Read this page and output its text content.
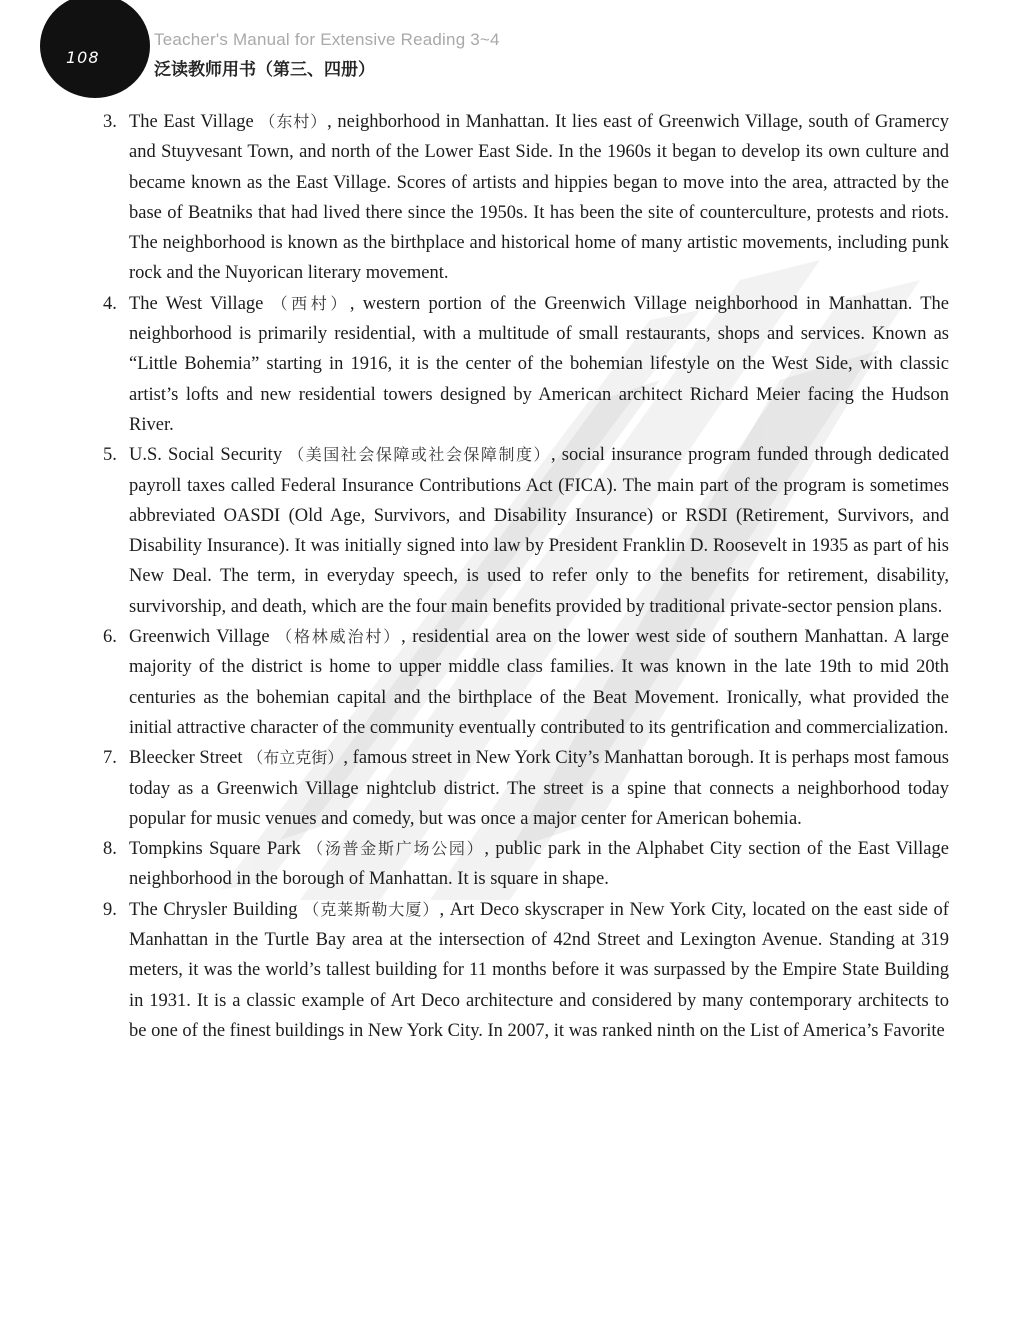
108
Teacher's Manual for Extensive Reading 3~4
泛读教师用书（第三、四册）
3. The East Village （东村）, neighborhood in Manhattan. It lies east of Greenwich Village, south of Gramercy and Stuyvesant Town, and north of the Lower East Side. In the 1960s it began to develop its own culture and became known as the East Village. Scores of artists and hippies began to move into the area, attracted by the base of Beatniks that had lived there since the 1950s. It has been the site of counterculture, protests and riots. The neighborhood is known as the birthplace and historical home of many artistic movements, including punk rock and the Nuyorican literary movement.
4. The West Village （西村）, western portion of the Greenwich Village neighborhood in Manhattan. The neighborhood is primarily residential, with a multitude of small restaurants, shops and services. Known as “Little Bohemia” starting in 1916, it is the center of the bohemian lifestyle on the West Side, with classic artist’s lofts and new residential towers designed by American architect Richard Meier facing the Hudson River.
5. U.S. Social Security （美国社会保障或社会保障制度）, social insurance program funded through dedicated payroll taxes called Federal Insurance Contributions Act (FICA). The main part of the program is sometimes abbreviated OASDI (Old Age, Survivors, and Disability Insurance) or RSDI (Retirement, Survivors, and Disability Insurance). It was initially signed into law by President Franklin D. Roosevelt in 1935 as part of his New Deal. The term, in everyday speech, is used to refer only to the benefits for retirement, disability, survivorship, and death, which are the four main benefits provided by traditional private-sector pension plans.
6. Greenwich Village （格林威治村）, residential area on the lower west side of southern Manhattan. A large majority of the district is home to upper middle class families. It was known in the late 19th to mid 20th centuries as the bohemian capital and the birthplace of the Beat Movement. Ironically, what provided the initial attractive character of the community eventually contributed to its gentrification and commercialization.
7. Bleecker Street （布立克街）, famous street in New York City’s Manhattan borough. It is perhaps most famous today as a Greenwich Village nightclub district. The street is a spine that connects a neighborhood today popular for music venues and comedy, but was once a major center for American bohemia.
8. Tompkins Square Park （汤普金斯广场公园）, public park in the Alphabet City section of the East Village neighborhood in the borough of Manhattan. It is square in shape.
9. The Chrysler Building （克莱斯勒大厦）, Art Deco skyscraper in New York City, located on the east side of Manhattan in the Turtle Bay area at the intersection of 42nd Street and Lexington Avenue. Standing at 319 meters, it was the world’s tallest building for 11 months before it was surpassed by the Empire State Building in 1931. It is a classic example of Art Deco architecture and considered by many contemporary architects to be one of the finest buildings in New York City. In 2007, it was ranked ninth on the List of America’s Favorite
